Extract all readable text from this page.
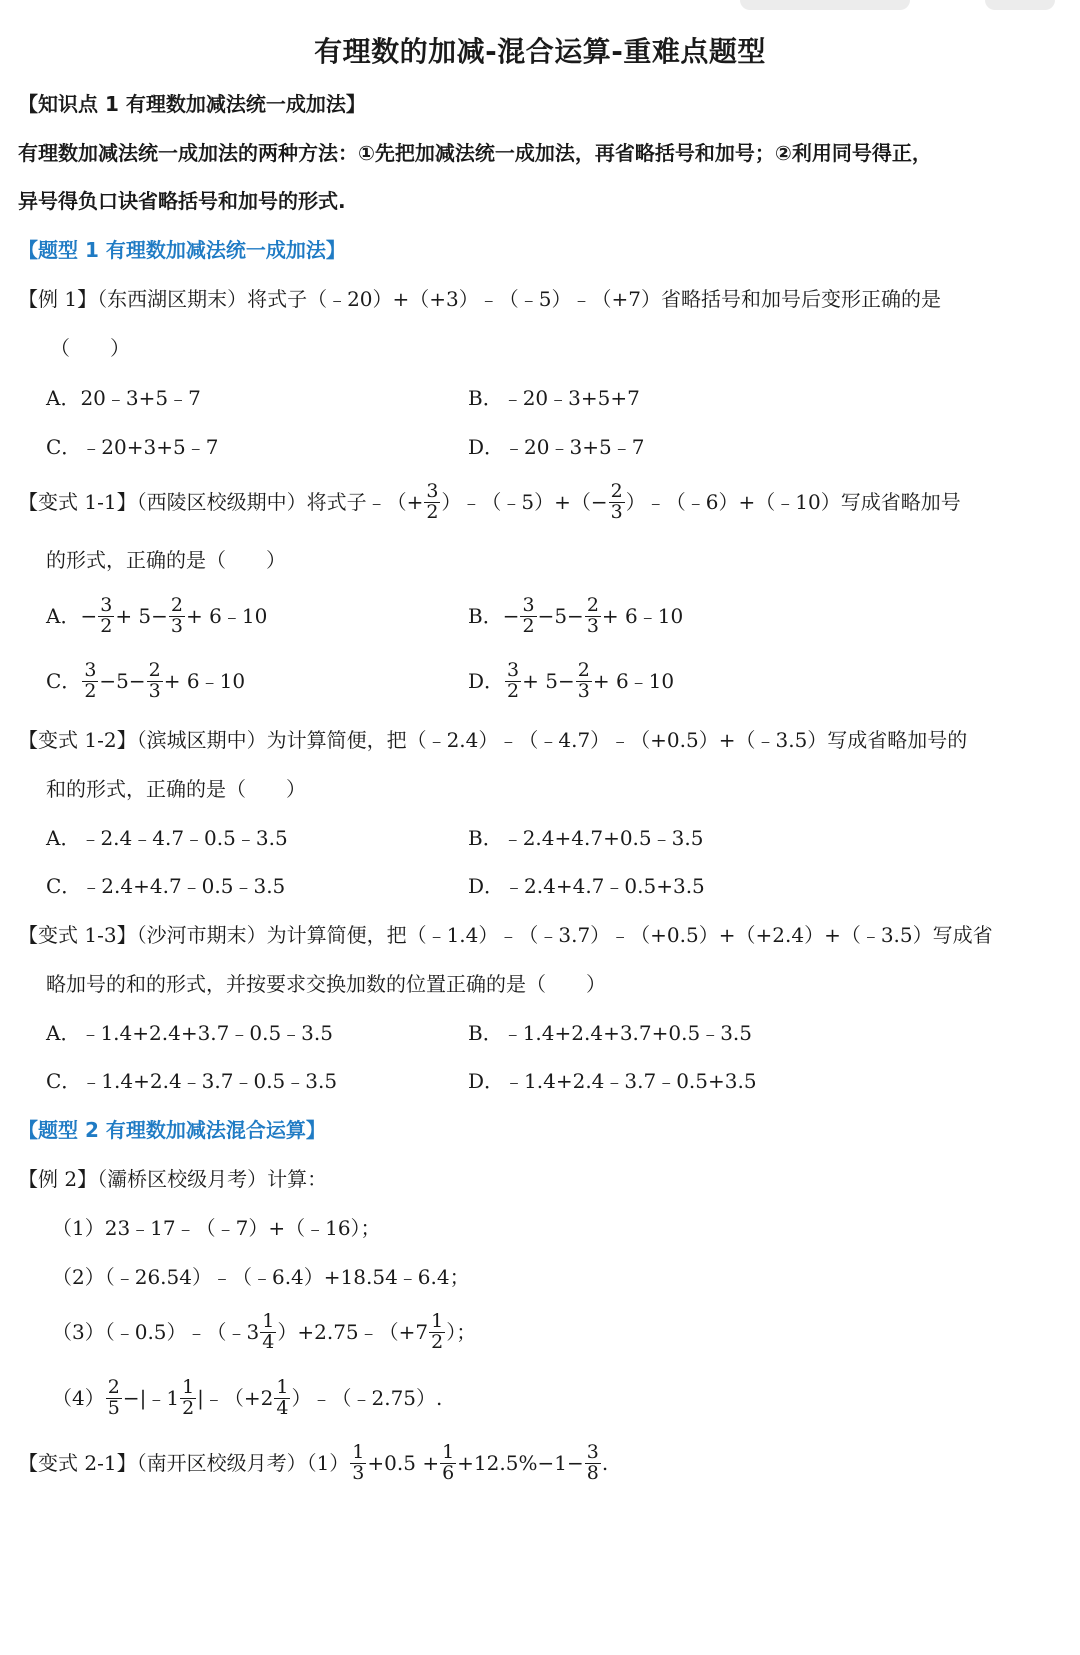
有理数的加减-混合运算-重难点题型
【知识点 1 有理数加减法统一成加法】
有理数加减法统一成加法的两种方法：①先把加减法统一成加法，再省略括号和加号；②利用同号得正，
异号得负口诀省略括号和加号的形式.
【题型 1 有理数加减法统一成加法】
【例 1】（东西湖区期末）将式子（﹣20）+（+3）﹣（﹣5）﹣（+7）省略括号和加号后变形正确的是
（　　）
A．20﹣3+5﹣7	B．﹣20﹣3+5+7
C．﹣20+3+5﹣7	D．﹣20﹣3+5﹣7
【变式 1-1】（西陵区校级期中）将式子﹣（+ $\frac{3}{2}$ ）﹣（﹣5）+（− $\frac{2}{3}$ ）﹣（﹣6）+（﹣10）写成省略加号
的形式，正确的是（　　）
A．− $\frac{3}{2} + 5- \frac{2}{3}$ + 6﹣10	B．− $\frac{3}{2} -5- \frac{2}{3}$ + 6﹣10
C． $\frac{3}{2} -5- \frac{2}{3}$ + 6﹣10	D． $\frac{3}{2} + 5- \frac{2}{3}$ + 6﹣10
【变式 1-2】（滨城区期中）为计算简便，把（﹣2.4）﹣（﹣4.7）﹣（+0.5）+（﹣3.5）写成省略加号的
和的形式，正确的是（　　）
A．﹣2.4﹣4.7﹣0.5﹣3.5	B．﹣2.4+4.7+0.5﹣3.5
C．﹣2.4+4.7﹣0.5﹣3.5	D．﹣2.4+4.7﹣0.5+3.5
【变式 1-3】（沙河市期末）为计算简便，把（﹣1.4）﹣（﹣3.7）﹣（+0.5）+（+2.4）+（﹣3.5）写成省
略加号的和的形式，并按要求交换加数的位置正确的是（　　）
A．﹣1.4+2.4+3.7﹣0.5﹣3.5	B．﹣1.4+2.4+3.7+0.5﹣3.5
C．﹣1.4+2.4﹣3.7﹣0.5﹣3.5	D．﹣1.4+2.4﹣3.7﹣0.5+3.5
【题型 2 有理数加减法混合运算】
【例 2】（灞桥区校级月考）计算：
（1）23﹣17﹣（﹣7）+（﹣16）；
（2）（﹣26.54）﹣（﹣6.4）+18.54﹣6.4；
（3）（﹣0.5）﹣（﹣3 $\frac{1}{4}$ ）+2.75﹣（+7 $\frac{1}{2}$ ）；
$(4) \frac{2}{5}$ −|﹣1 $\frac{1}{2}$ |﹣（+2 $\frac{1}{4}$ ）﹣（﹣2.75）.
【变式 2-1】（南开区校级月考）$(1) \frac{1}{3} +0.5 + \frac{1}{6} +12.5\%-1- \frac{3}{8}$ .
